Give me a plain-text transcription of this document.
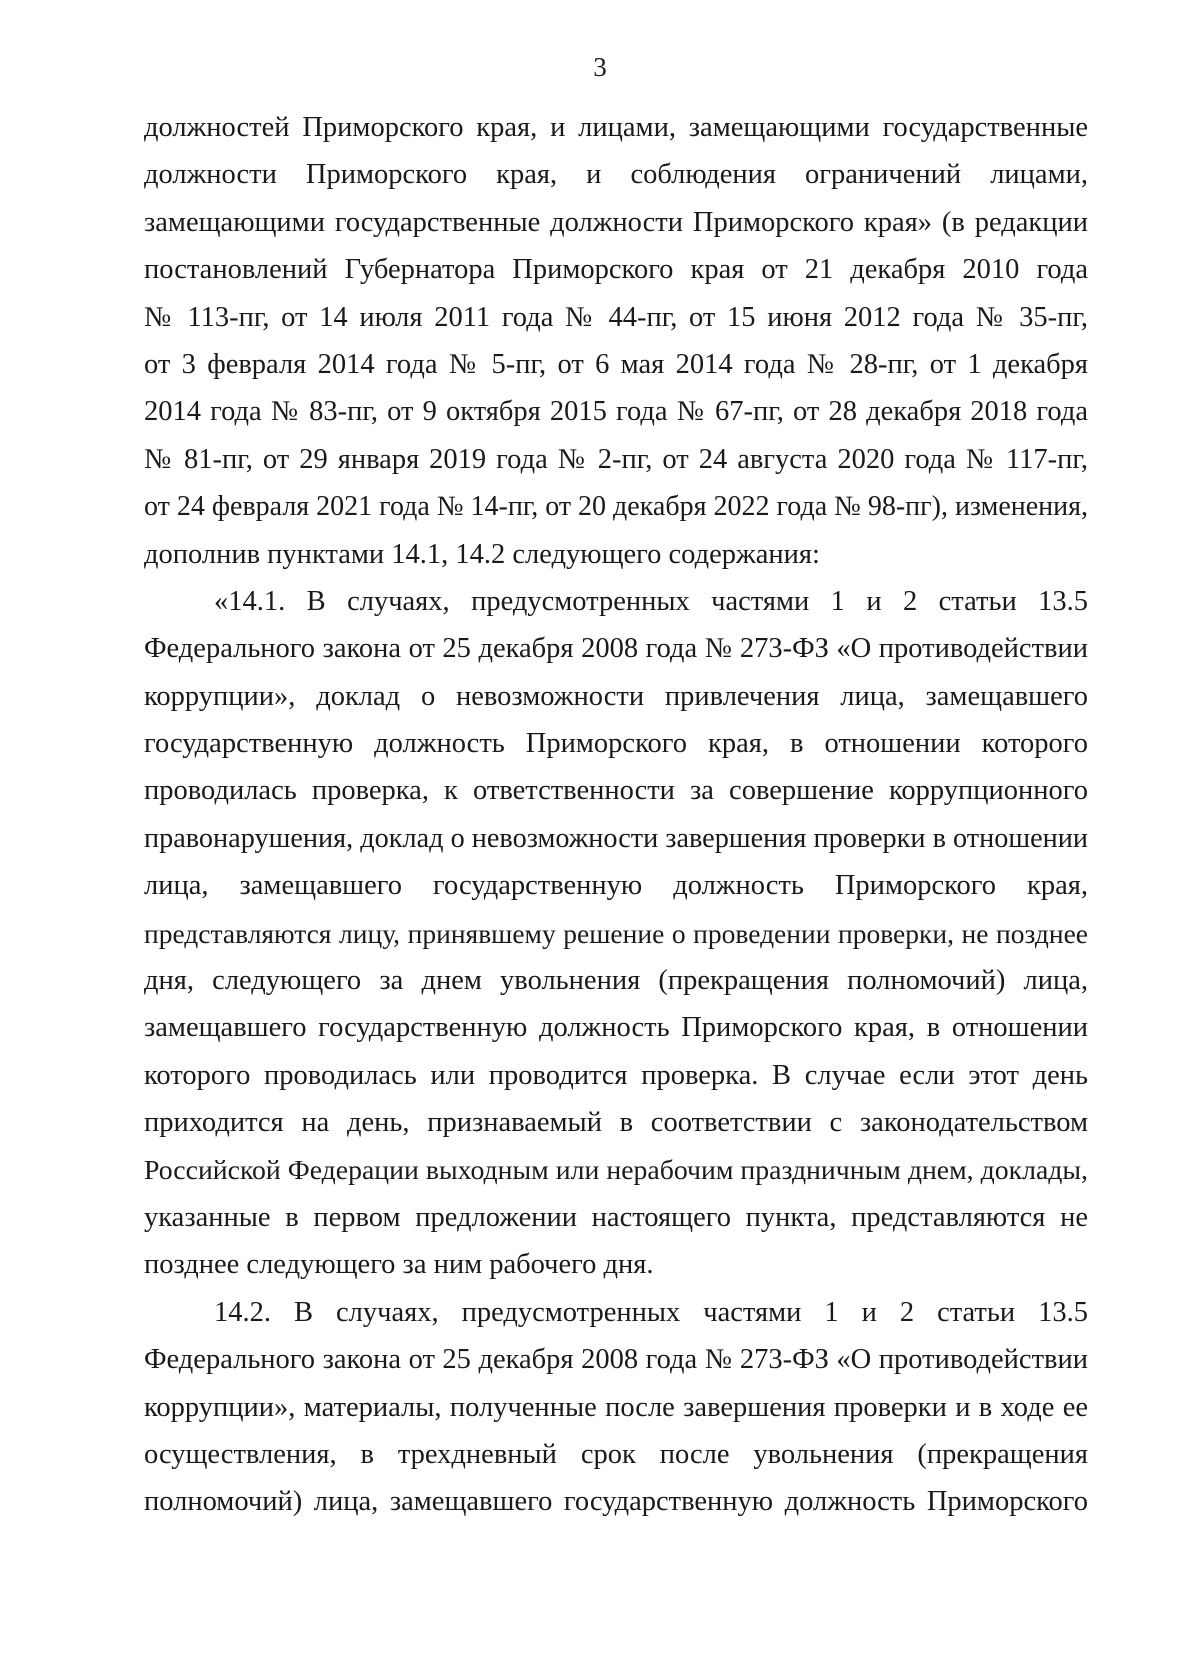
3
должностей Приморского края, и лицами, замещающими государственные
должности Приморского края, и соблюдения ограничений лицами,
замещающими государственные должности Приморского края» (в редакции
постановлений Губернатора Приморского края от 21 декабря 2010 года
№ 113-пг, от 14 июля 2011 года № 44-пг, от 15 июня 2012 года № 35-пг,
от 3 февраля 2014 года № 5-пг, от 6 мая 2014 года № 28-пг, от 1 декабря
2014 года № 83-пг, от 9 октября 2015 года № 67-пг, от 28 декабря 2018 года
№ 81-пг, от 29 января 2019 года № 2-пг, от 24 августа 2020 года № 117-пг,
от 24 февраля 2021 года № 14-пг, от 20 декабря 2022 года № 98-пг), изменения,
дополнив пунктами 14.1, 14.2 следующего содержания:
«14.1. В случаях, предусмотренных частями 1 и 2 статьи 13.5
Федерального закона от 25 декабря 2008 года № 273-ФЗ «О противодействии
коррупции», доклад о невозможности привлечения лица, замещавшего
государственную должность Приморского края, в отношении которого
проводилась проверка, к ответственности за совершение коррупционного
правонарушения, доклад о невозможности завершения проверки в отношении
лица, замещавшего государственную должность Приморского края,
представляются лицу, принявшему решение о проведении проверки, не позднее
дня, следующего за днем увольнения (прекращения полномочий) лица,
замещавшего государственную должность Приморского края, в отношении
которого проводилась или проводится проверка. В случае если этот день
приходится на день, признаваемый в соответствии с законодательством
Российской Федерации выходным или нерабочим праздничным днем, доклады,
указанные в первом предложении настоящего пункта, представляются не
позднее следующего за ним рабочего дня.
14.2. В случаях, предусмотренных частями 1 и 2 статьи 13.5
Федерального закона от 25 декабря 2008 года № 273-ФЗ «О противодействии
коррупции», материалы, полученные после завершения проверки и в ходе ее
осуществления, в трехдневный срок после увольнения (прекращения
полномочий) лица, замещавшего государственную должность Приморского
